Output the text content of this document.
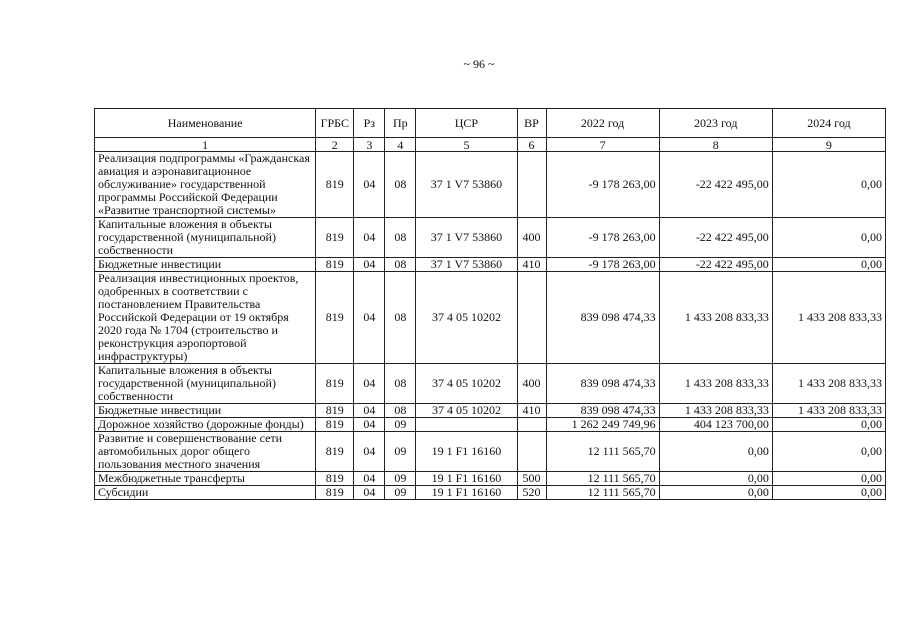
~ 96 ~
Наименование	ГРБС	Рз	Пр	ЦСР	ВР	2022 год	2023 год	2024 год
1	2	3	4	5	6	7	8	9
Реализация подпрограммы «Гражданская авиация и аэронавигационное обслуживание» государственной программы Российской Федерации «Развитие транспортной системы»	819	04	08	37 1 V7 53860		-9 178 263,00	-22 422 495,00	0,00
Капитальные вложения в объекты государственной (муниципальной) собственности	819	04	08	37 1 V7 53860	400	-9 178 263,00	-22 422 495,00	0,00
Бюджетные инвестиции	819	04	08	37 1 V7 53860	410	-9 178 263,00	-22 422 495,00	0,00
Реализация инвестиционных проектов, одобренных в соответствии с постановлением Правительства Российской Федерации от 19 октября 2020 года № 1704 (строительство и реконструкция аэропортовой инфраструктуры)	819	04	08	37 4 05 10202		839 098 474,33	1 433 208 833,33	1 433 208 833,33
Капитальные вложения в объекты государственной (муниципальной) собственности	819	04	08	37 4 05 10202	400	839 098 474,33	1 433 208 833,33	1 433 208 833,33
Бюджетные инвестиции	819	04	08	37 4 05 10202	410	839 098 474,33	1 433 208 833,33	1 433 208 833,33
Дорожное хозяйство (дорожные фонды)	819	04	09			1 262 249 749,96	404 123 700,00	0,00
Развитие и совершенствование сети автомобильных дорог общего пользования местного значения	819	04	09	19 1 F1 16160		12 111 565,70	0,00	0,00
Межбюджетные трансферты	819	04	09	19 1 F1 16160	500	12 111 565,70	0,00	0,00
Субсидии	819	04	09	19 1 F1 16160	520	12 111 565,70	0,00	0,00
